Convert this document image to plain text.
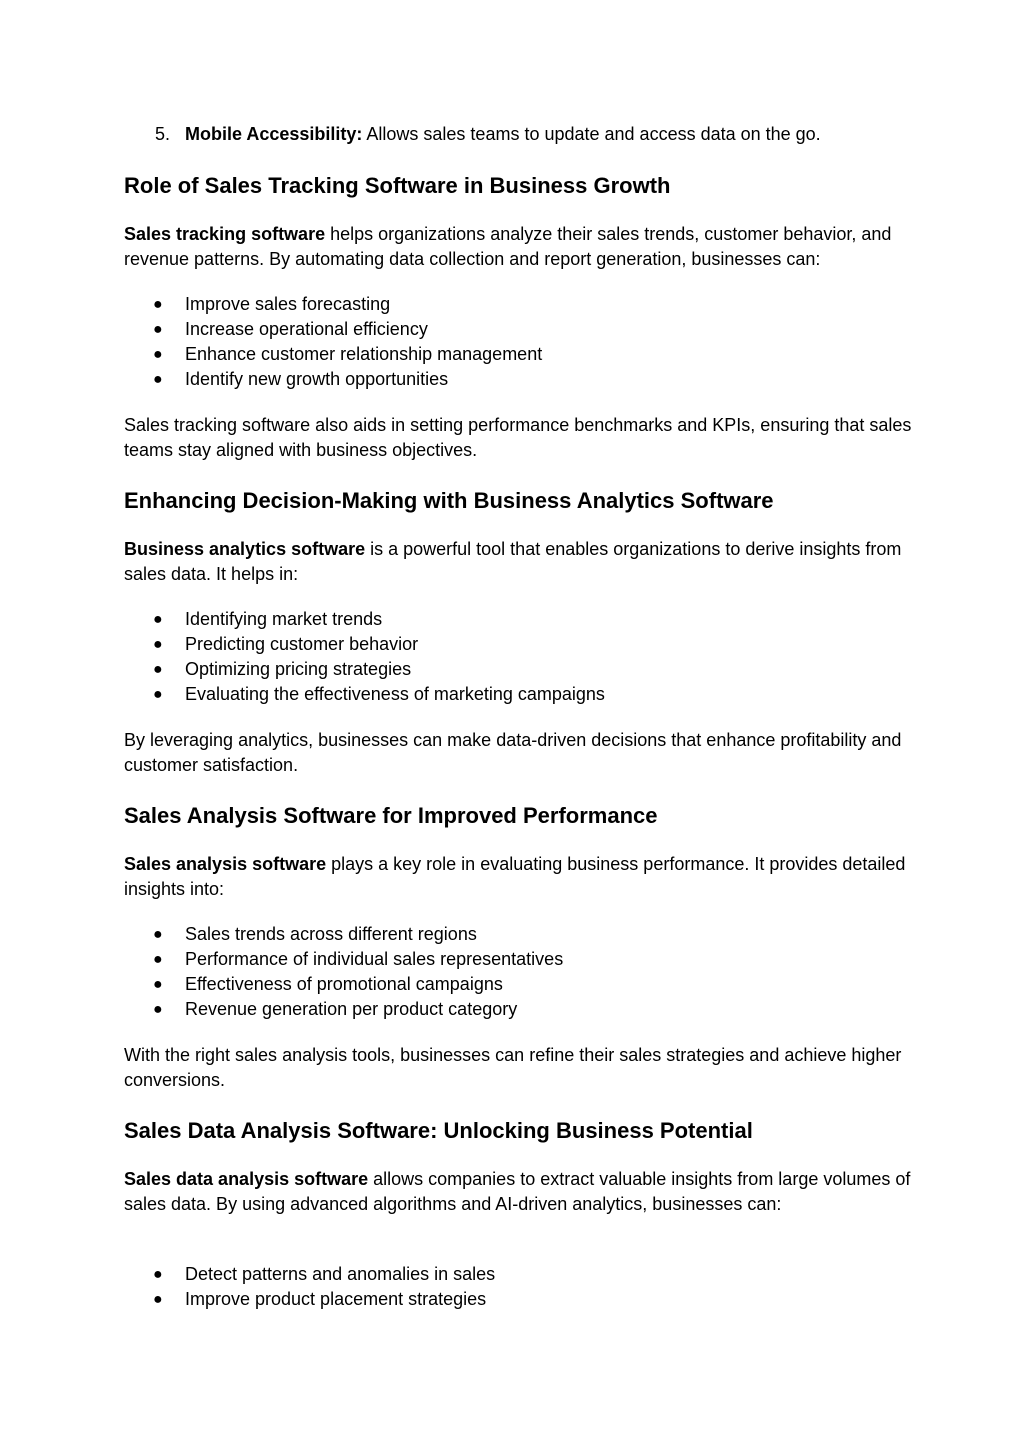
5. Mobile Accessibility: Allows sales teams to update and access data on the go.
Role of Sales Tracking Software in Business Growth

Sales tracking software helps organizations analyze their sales trends, customer behavior, and revenue patterns. By automating data collection and report generation, businesses can:

● Improve sales forecasting
● Increase operational efficiency
● Enhance customer relationship management
● Identify new growth opportunities

Sales tracking software also aids in setting performance benchmarks and KPIs, ensuring that sales teams stay aligned with business objectives.

Enhancing Decision-Making with Business Analytics Software

Business analytics software is a powerful tool that enables organizations to derive insights from sales data. It helps in:

● Identifying market trends
● Predicting customer behavior
● Optimizing pricing strategies
● Evaluating the effectiveness of marketing campaigns

By leveraging analytics, businesses can make data-driven decisions that enhance profitability and customer satisfaction.

Sales Analysis Software for Improved Performance

Sales analysis software plays a key role in evaluating business performance. It provides detailed insights into:

● Sales trends across different regions
● Performance of individual sales representatives
● Effectiveness of promotional campaigns
● Revenue generation per product category

With the right sales analysis tools, businesses can refine their sales strategies and achieve higher conversions.

Sales Data Analysis Software: Unlocking Business Potential

Sales data analysis software allows companies to extract valuable insights from large volumes of sales data. By using advanced algorithms and AI-driven analytics, businesses can:

● Detect patterns and anomalies in sales
● Improve product placement strategies
